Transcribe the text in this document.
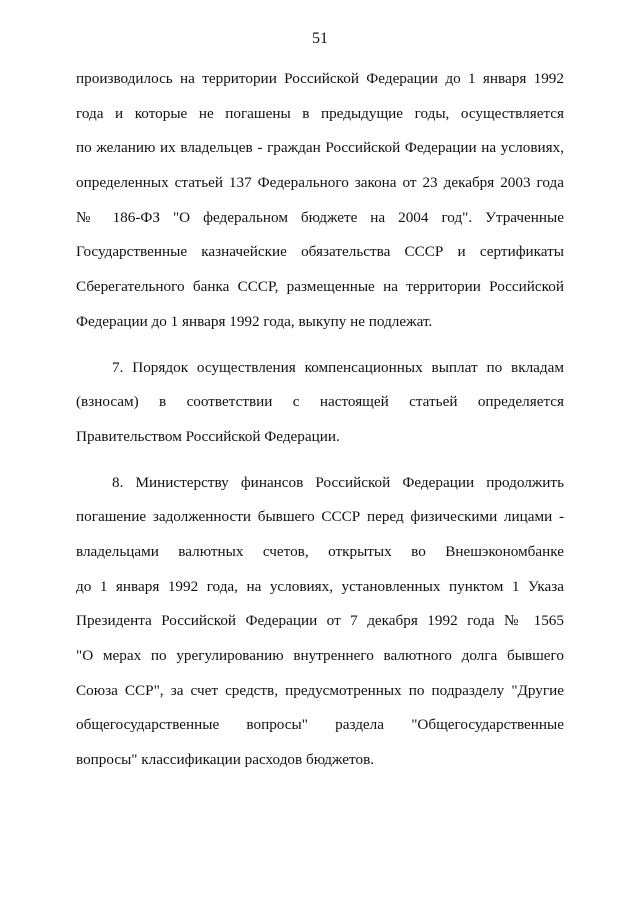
51
производилось на территории Российской Федерации до 1 января 1992
года и которые не погашены в предыдущие годы, осуществляется
по желанию их владельцев - граждан Российской Федерации на условиях,
определенных статьей 137 Федерального закона от 23 декабря 2003 года
№ 186-ФЗ "О федеральном бюджете на 2004 год". Утраченные
Государственные казначейские обязательства СССР и сертификаты
Сберегательного банка СССР, размещенные на территории Российской
Федерации до 1 января 1992 года, выкупу не подлежат.
7. Порядок осуществления компенсационных выплат по вкладам
(взносам) в соответствии с настоящей статьей определяется
Правительством Российской Федерации.
8. Министерству финансов Российской Федерации продолжить
погашение задолженности бывшего СССР перед физическими лицами -
владельцами валютных счетов, открытых во Внешэкономбанке
до 1 января 1992 года, на условиях, установленных пунктом 1 Указа
Президента Российской Федерации от 7 декабря 1992 года № 1565
"О мерах по урегулированию внутреннего валютного долга бывшего
Союза ССР", за счет средств, предусмотренных по подразделу "Другие
общегосударственные вопросы" раздела "Общегосударственные
вопросы" классификации расходов бюджетов.
